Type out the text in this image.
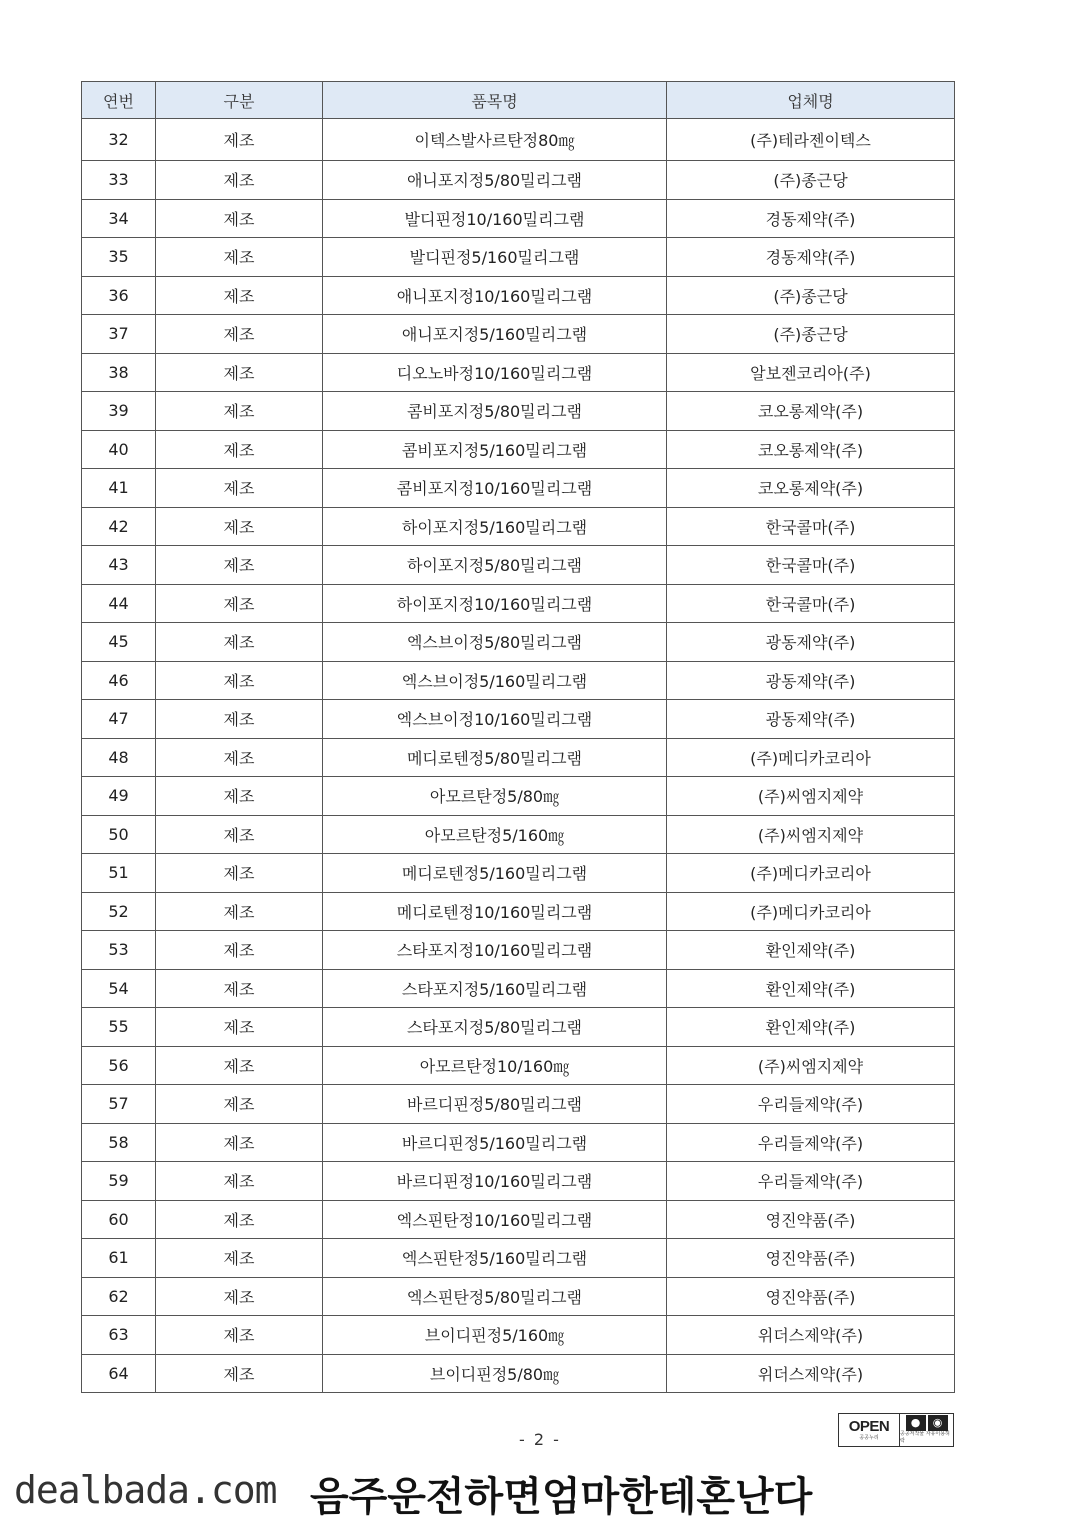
연번	구분	품목명	업체명
32	제조	이텍스발사르탄정80㎎	(주)테라젠이텍스
33	제조	애니포지정5/80밀리그램	(주)종근당
34	제조	발디핀정10/160밀리그램	경동제약(주)
35	제조	발디핀정5/160밀리그램	경동제약(주)
36	제조	애니포지정10/160밀리그램	(주)종근당
37	제조	애니포지정5/160밀리그램	(주)종근당
38	제조	디오노바정10/160밀리그램	알보젠코리아(주)
39	제조	콤비포지정5/80밀리그램	코오롱제약(주)
40	제조	콤비포지정5/160밀리그램	코오롱제약(주)
41	제조	콤비포지정10/160밀리그램	코오롱제약(주)
42	제조	하이포지정5/160밀리그램	한국콜마(주)
43	제조	하이포지정5/80밀리그램	한국콜마(주)
44	제조	하이포지정10/160밀리그램	한국콜마(주)
45	제조	엑스브이정5/80밀리그램	광동제약(주)
46	제조	엑스브이정5/160밀리그램	광동제약(주)
47	제조	엑스브이정10/160밀리그램	광동제약(주)
48	제조	메디로텐정5/80밀리그램	(주)메디카코리아
49	제조	아모르탄정5/80㎎	(주)씨엠지제약
50	제조	아모르탄정5/160㎎	(주)씨엠지제약
51	제조	메디로텐정5/160밀리그램	(주)메디카코리아
52	제조	메디로텐정10/160밀리그램	(주)메디카코리아
53	제조	스타포지정10/160밀리그램	환인제약(주)
54	제조	스타포지정5/160밀리그램	환인제약(주)
55	제조	스타포지정5/80밀리그램	환인제약(주)
56	제조	아모르탄정10/160㎎	(주)씨엠지제약
57	제조	바르디핀정5/80밀리그램	우리들제약(주)
58	제조	바르디핀정5/160밀리그램	우리들제약(주)
59	제조	바르디핀정10/160밀리그램	우리들제약(주)
60	제조	엑스핀탄정10/160밀리그램	영진약품(주)
61	제조	엑스핀탄정5/160밀리그램	영진약품(주)
62	제조	엑스핀탄정5/80밀리그램	영진약품(주)
63	제조	브이디핀정5/160㎎	위더스제약(주)
64	제조	브이디핀정5/80㎎	위더스제약(주)
- 2 -
OPEN
공공누리
●	◉
공공저작물 자유이용허락
dealbada.com 음주운전하면엄마한테혼난다
